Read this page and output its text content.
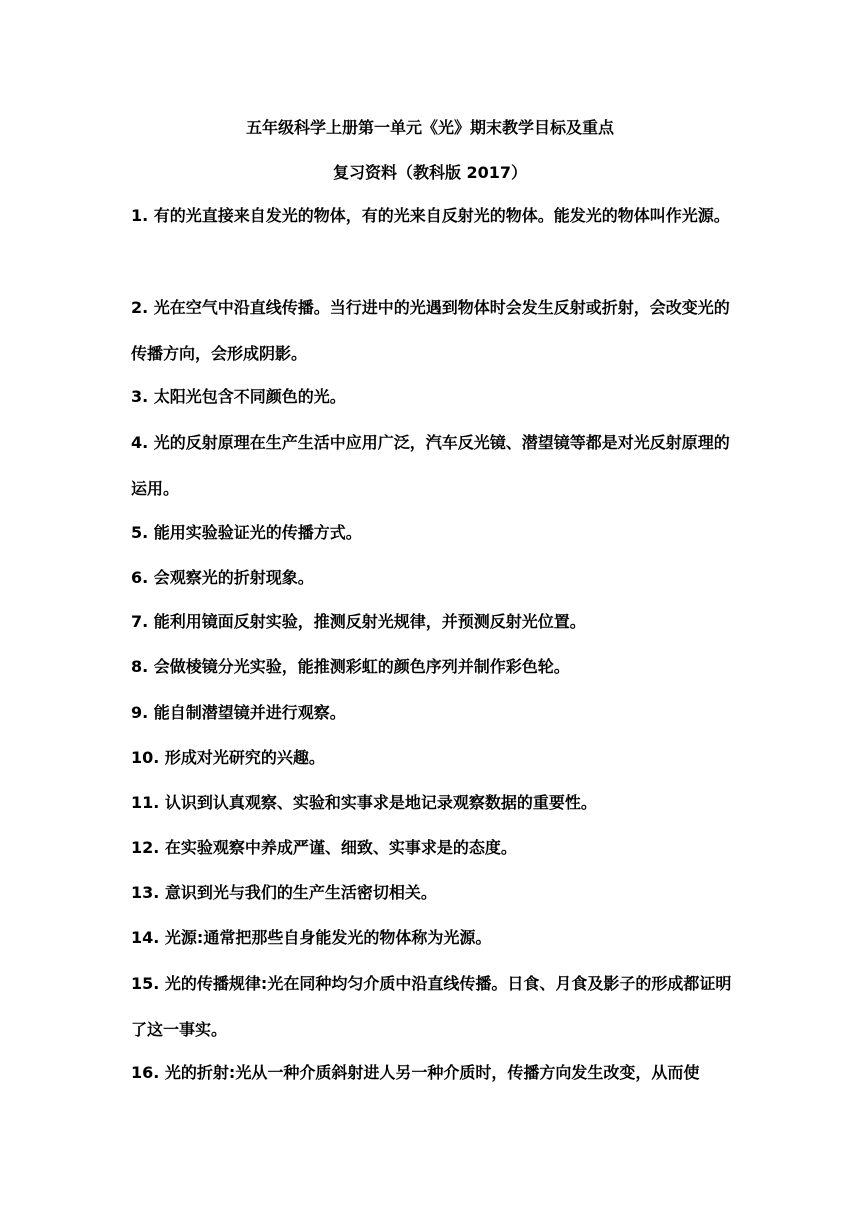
五年级科学上册第一单元《光》期末教学目标及重点
复习资料（教科版 2017）
1. 有的光直接来自发光的物体，有的光来自反射光的物体。能发光的物体叫作光源。
2. 光在空气中沿直线传播。当行进中的光遇到物体时会发生反射或折射，会改变光的传播方向，会形成阴影。
3. 太阳光包含不同颜色的光。
4. 光的反射原理在生产生活中应用广泛，汽车反光镜、潜望镜等都是对光反射原理的运用。
5. 能用实验验证光的传播方式。
6. 会观察光的折射现象。
7. 能利用镜面反射实验，推测反射光规律，并预测反射光位置。
8. 会做棱镜分光实验，能推测彩虹的颜色序列并制作彩色轮。
9. 能自制潜望镜并进行观察。
10. 形成对光研究的兴趣。
11. 认识到认真观察、实验和实事求是地记录观察数据的重要性。
12. 在实验观察中养成严谨、细致、实事求是的态度。
13. 意识到光与我们的生产生活密切相关。
14. 光源:通常把那些自身能发光的物体称为光源。
15. 光的传播规律:光在同种均匀介质中沿直线传播。日食、月食及影子的形成都证明了这一事实。
16. 光的折射:光从一种介质斜射进人另一种介质时，传播方向发生改变，从而使
